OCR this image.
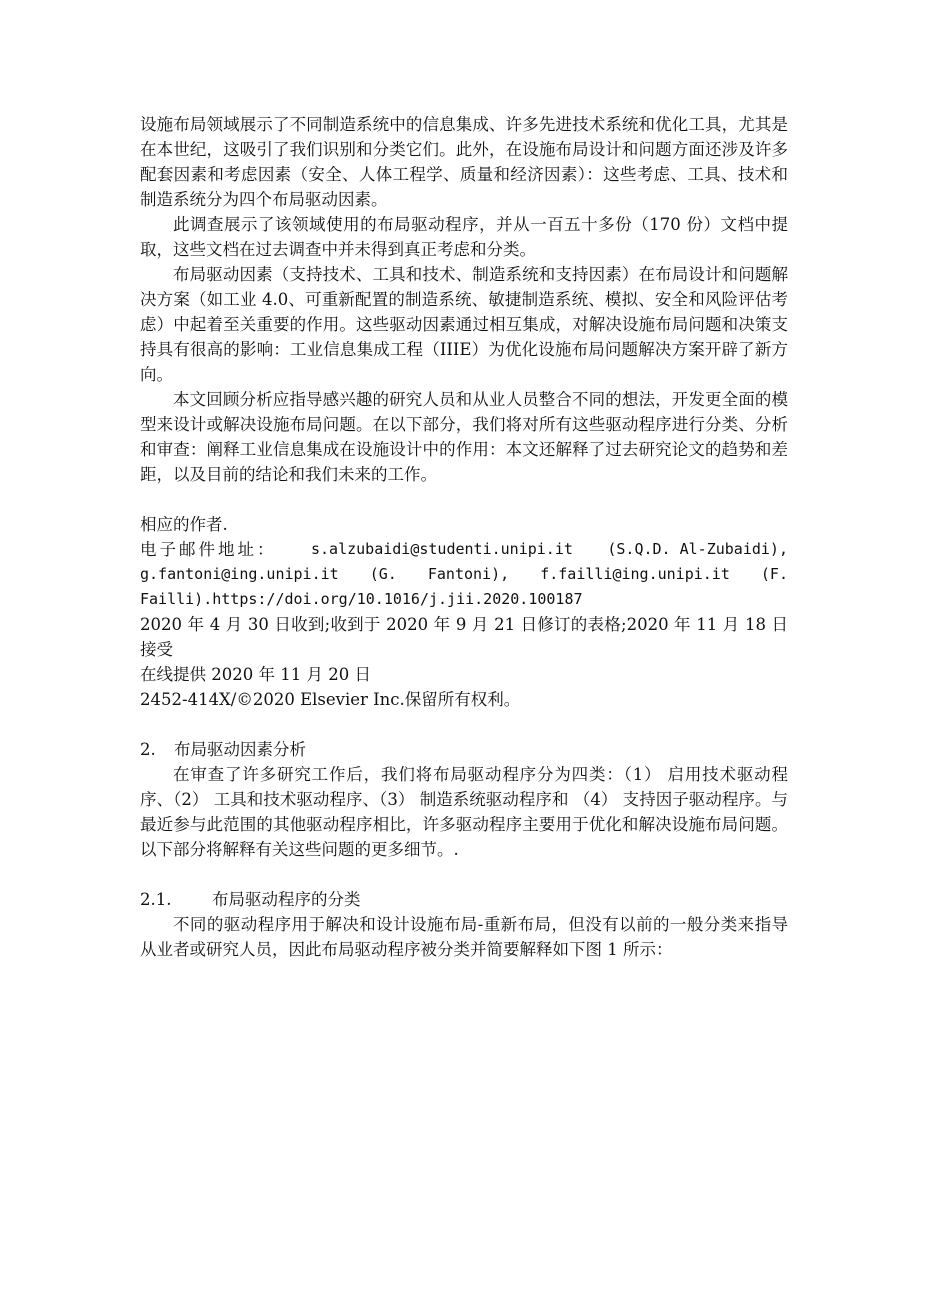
设施布局领域展示了不同制造系统中的信息集成、许多先进技术系统和优化工具，尤其是在本世纪，这吸引了我们识别和分类它们。此外，在设施布局设计和问题方面还涉及许多配套因素和考虑因素（安全、人体工程学、质量和经济因素）：这些考虑、工具、技术和制造系统分为四个布局驱动因素。

此调查展示了该领域使用的布局驱动程序，并从一百五十多份（170 份）文档中提取，这些文档在过去调查中并未得到真正考虑和分类。

布局驱动因素（支持技术、工具和技术、制造系统和支持因素）在布局设计和问题解决方案（如工业 4.0、可重新配置的制造系统、敏捷制造系统、模拟、安全和风险评估考虑）中起着至关重要的作用。这些驱动因素通过相互集成，对解决设施布局问题和决策支持具有很高的影响：工业信息集成工程（IIIE）为优化设施布局问题解决方案开辟了新方向。

本文回顾分析应指导感兴趣的研究人员和从业人员整合不同的想法，开发更全面的模型来设计或解决设施布局问题。在以下部分，我们将对所有这些驱动程序进行分类、分析和审查：阐释工业信息集成在设施设计中的作用：本文还解释了过去研究论文的趋势和差距，以及目前的结论和我们未来的工作。

相应的作者.

电子邮件地址： s.alzubaidi@studenti.unipi.it (S.Q.D. Al-Zubaidi),
g.fantoni@ing.unipi.it (G. Fantoni), f.failli@ing.unipi.it (F.

Failli).https://doi.org/10.1016/j.jii.2020.100187

2020 年 4 月 30 日收到;收到于 2020 年 9 月 21 日修订的表格;2020 年 11 月 18 日接受

在线提供 2020 年 11 月 20 日

2452-414X/©2020 Elsevier Inc.保留所有权利。

2. 布局驱动因素分析

在审查了许多研究工作后，我们将布局驱动程序分为四类：（1） 启用技术驱动程序、（2） 工具和技术驱动程序、（3） 制造系统驱动程序和 （4） 支持因子驱动程序。与最近参与此范围的其他驱动程序相比，许多驱动程序主要用于优化和解决设施布局问题。以下部分将解释有关这些问题的更多细节。.

2.1. 布局驱动程序的分类

不同的驱动程序用于解决和设计设施布局-重新布局，但没有以前的一般分类来指导从业者或研究人员，因此布局驱动程序被分类并简要解释如下图 1 所示：
